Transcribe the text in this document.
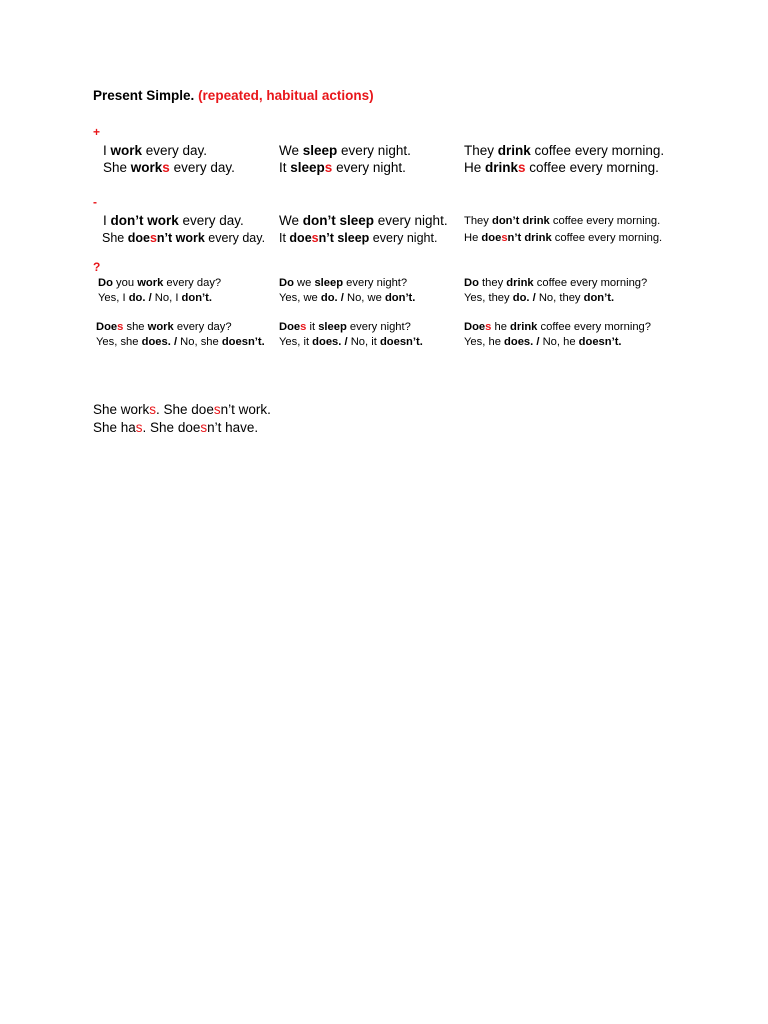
Present Simple. (repeated, habitual actions)
+
-
?
I work every day.
She works every day.
We sleep every night.
It sleeps every night.
They drink coffee every morning.
He drinks coffee every morning.
I don’t work every day.
She doesn’t work every day.
We don’t sleep every night.
It doesn’t sleep every night.
They don’t drink coffee every morning.
He doesn’t drink coffee every morning.
Do you work every day?
Yes, I do. / No, I don’t.
Do we sleep every night?
Yes, we do. / No, we don’t.
Do they drink coffee every morning?
Yes, they do. / No, they don’t.
Does she work every day?
Yes, she does. / No, she doesn’t.
Does it sleep every night?
Yes, it does. / No, it doesn’t.
Does he drink coffee every morning?
Yes, he does. / No, he doesn’t.
She works. She doesn’t work.
She has. She doesn’t have.
